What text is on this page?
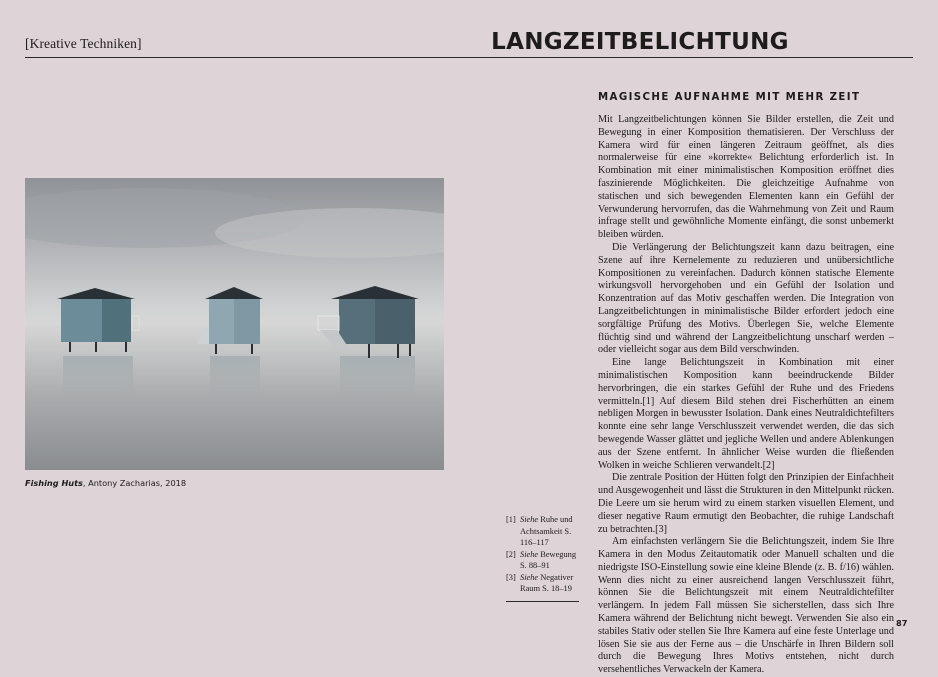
[Kreative Techniken]	LANGZEITBELICHTUNG
Fishing Huts, Antony Zacharias, 2018
MAGISCHE AUFNAHME MIT MEHR ZEIT

Mit Langzeitbelichtungen können Sie Bilder erstellen, die Zeit und Bewegung in einer Komposition thematisieren. Der Verschluss der Kamera wird für einen längeren Zeitraum geöffnet, als dies normalerweise für eine »korrekte« Belichtung erforderlich ist. In Kombination mit einer minimalistischen Komposition eröffnet dies faszinierende Möglichkeiten. Die gleichzeitige Aufnahme von statischen und sich bewegenden Elementen kann ein Gefühl der Verwunderung hervorrufen, das die Wahrnehmung von Zeit und Raum infrage stellt und gewöhnliche Momente einfängt, die sonst unbemerkt bleiben würden.

Die Verlängerung der Belichtungszeit kann dazu beitragen, eine Szene auf ihre Kernelemente zu reduzieren und unübersichtliche Kompositionen zu vereinfachen. Dadurch können statische Elemente wirkungsvoll hervorgehoben und ein Gefühl der Isolation und Konzentration auf das Motiv geschaffen werden. Die Integration von Langzeitbelichtungen in minimalistische Bilder erfordert jedoch eine sorgfältige Prüfung des Motivs. Überlegen Sie, welche Elemente flüchtig sind und während der Langzeitbelichtung unscharf werden – oder vielleicht sogar aus dem Bild verschwinden.

Eine lange Belichtungszeit in Kombination mit einer minimalistischen Komposition kann beeindruckende Bilder hervorbringen, die ein starkes Gefühl der Ruhe und des Friedens vermitteln.[1] Auf diesem Bild stehen drei Fischerhütten an einem nebligen Morgen in bewusster Isolation. Dank eines Neutraldichtefilters konnte eine sehr lange Verschlusszeit verwendet werden, die das sich bewegende Wasser glättet und jegliche Wellen und andere Ablenkungen aus der Szene entfernt. In ähnlicher Weise wurden die fließenden Wolken in weiche Schlieren verwandelt.[2]

Die zentrale Position der Hütten folgt den Prinzipien der Einfachheit und Ausgewogenheit und lässt die Strukturen in den Mittelpunkt rücken. Die Leere um sie herum wird zu einem starken visuellen Element, und dieser negative Raum ermutigt den Beobachter, die ruhige Landschaft zu betrachten.[3]

Am einfachsten verlängern Sie die Belichtungszeit, indem Sie Ihre Kamera in den Modus Zeitautomatik oder Manuell schalten und die niedrigste ISO-Einstellung sowie eine kleine Blende (z. B. f/16) wählen. Wenn dies nicht zu einer ausreichend langen Verschlusszeit führt, können Sie die Belichtungszeit mit einem Neutraldichtefilter verlängern. In jedem Fall müssen Sie sicherstellen, dass sich Ihre Kamera während der Belichtung nicht bewegt. Verwenden Sie also ein stabiles Stativ oder stellen Sie Ihre Kamera auf eine feste Unterlage und lösen Sie sie aus der Ferne aus – die Unschärfe in Ihren Bildern soll durch die Bewegung Ihres Motivs entstehen, nicht durch versehentliches Verwackeln der Kamera.

[1] Siehe Ruhe und Achtsamkeit S. 116–117
[2] Siehe Bewegung S. 88–91
[3] Siehe Negativer Raum S. 18–19
87
